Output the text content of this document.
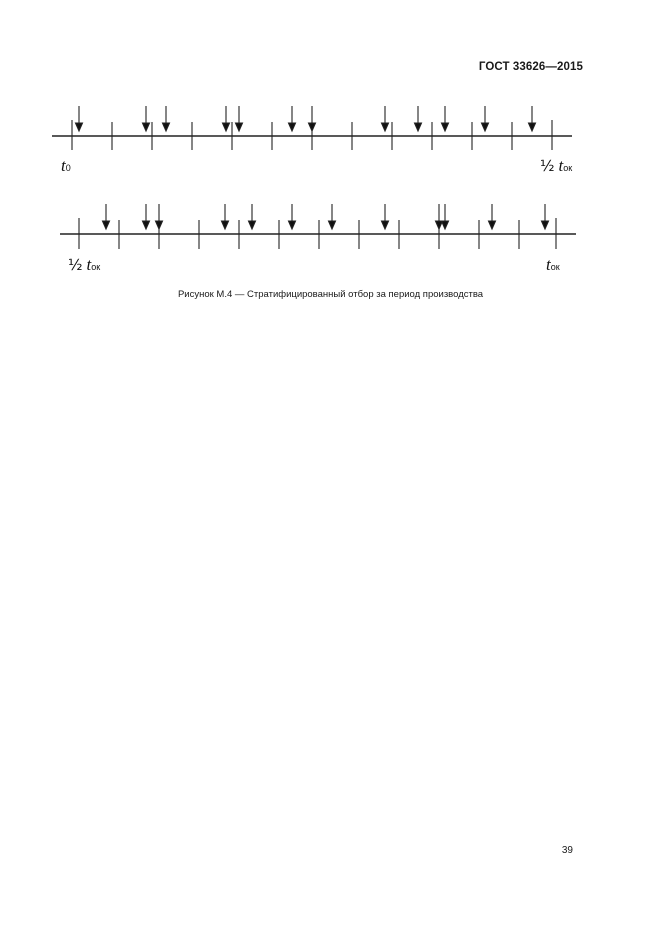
ГОСТ 33626—2015
t0	½ tок
½ tок	tок
Рисунок М.4 — Стратифицированный отбор за период производства
39
